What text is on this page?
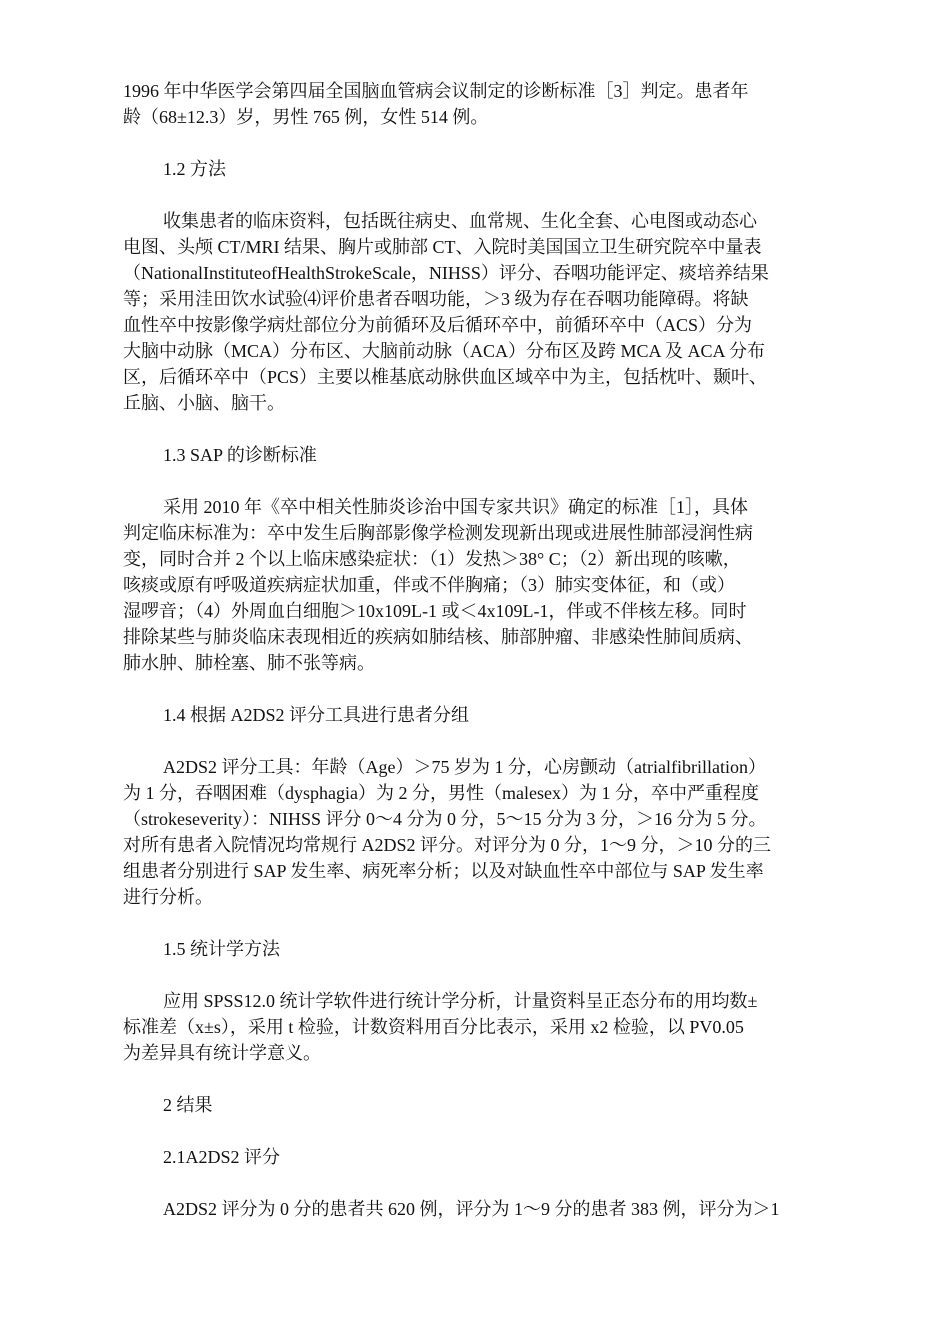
1996 年中华医学会第四届全国脑血管病会议制定的诊断标准［3］判定。患者年

龄（68±12.3）岁，男性 765 例，女性 514 例。

1.2 方法

收集患者的临床资料，包括既往病史、血常规、生化全套、心电图或动态心

电图、头颅 CT/MRI 结果、胸片或肺部 CT、入院时美国国立卫生研究院卒中量表

（NationalInstituteofHealthStrokeScale，NIHSS）评分、吞咽功能评定、痰培养结果

等；采用洼田饮水试验⑷评价患者吞咽功能，＞3 级为存在吞咽功能障碍。将缺

血性卒中按影像学病灶部位分为前循环及后循环卒中，前循环卒中（ACS）分为

大脑中动脉（MCA）分布区、大脑前动脉（ACA）分布区及跨 MCA 及 ACA 分布

区，后循环卒中（PCS）主要以椎基底动脉供血区域卒中为主，包括枕叶、颞叶、

丘脑、小脑、脑干。

1.3 SAP 的诊断标准

采用 2010 年《卒中相关性肺炎诊治中国专家共识》确定的标准［1］，具体

判定临床标准为：卒中发生后胸部影像学检测发现新出现或进展性肺部浸润性病

变，同时合并 2 个以上临床感染症状：（1）发热＞38° C；（2）新出现的咳嗽，

咳痰或原有呼吸道疾病症状加重，伴或不伴胸痛；（3）肺实变体征，和（或）

湿啰音；（4）外周血白细胞＞10x109L-1 或＜4x109L-1，伴或不伴核左移。同时

排除某些与肺炎临床表现相近的疾病如肺结核、肺部肿瘤、非感染性肺间质病、

肺水肿、肺栓塞、肺不张等病。

1.4 根据 A2DS2 评分工具进行患者分组

A2DS2 评分工具：年龄（Age）＞75 岁为 1 分，心房颤动（atrialfibrillation）

为 1 分，吞咽困难（dysphagia）为 2 分，男性（malesex）为 1 分，卒中严重程度

（strokeseverity）：NIHSS 评分 0〜4 分为 0 分，5〜15 分为 3 分，＞16 分为 5 分。

对所有患者入院情况均常规行 A2DS2 评分。对评分为 0 分，1〜9 分，＞10 分的三

组患者分别进行 SAP 发生率、病死率分析；以及对缺血性卒中部位与 SAP 发生率

进行分析。

1.5 统计学方法

应用 SPSS12.0 统计学软件进行统计学分析，计量资料呈正态分布的用均数±

标准差（x±s），采用 t 检验，计数资料用百分比表示，采用 x2 检验，以 PV0.05

为差异具有统计学意义。

2 结果

2.1A2DS2 评分

A2DS2 评分为 0 分的患者共 620 例，评分为 1〜9 分的患者 383 例，评分为＞1
